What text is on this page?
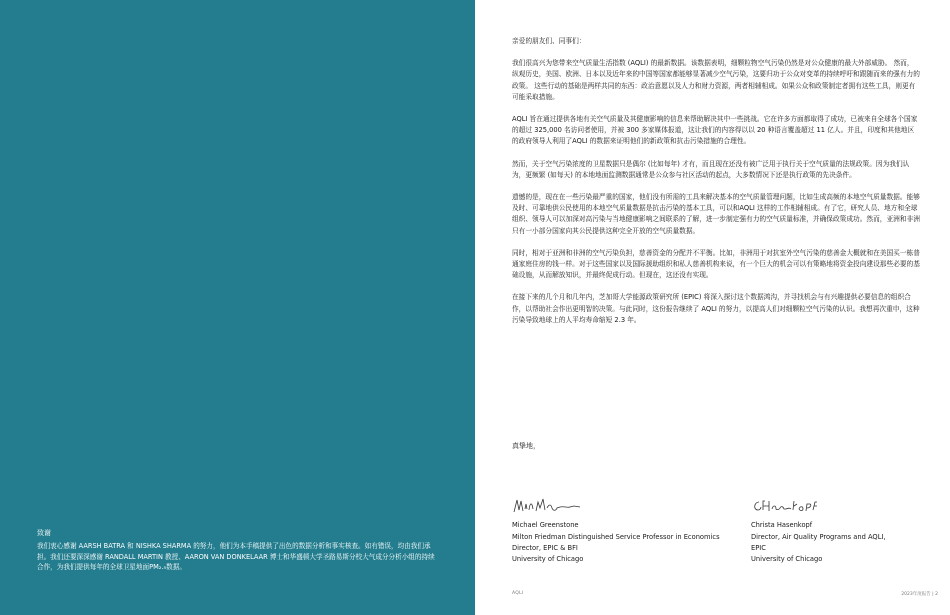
致谢

我们衷心感谢 AARSH BATRA 和 NISHKA SHARMA 的努力，他们为本手稿提供了出色的数据分析和事实核查。如有错误，均由我们承担。我们还要深深感谢 RANDALL MARTIN 教授、AARON VAN DONKELAAR 博士和华盛顿大学圣路易斯分校大气成分分析小组的持续合作，为我们提供每年的全球卫星地面PM₂.₅数据。

亲爱的朋友们、同事们：

我们很高兴为您带来空气质量生活指数 (AQLI) 的最新数据。该数据表明，细颗粒物空气污染仍然是对公众健康的最大外部威胁。 然而，纵观历史，美国、欧洲、日本以及近年来的中国等国家都能够显著减少空气污染，这要归功于公众对变革的持续呼吁和跟随而来的强有力的政策。 这些行动的基础是两样共同的东西：政治意愿以及人力和财力资源，两者相辅相成。如果公众和政策制定者拥有这些工具，则更有可能采取措施。

AQLI 旨在通过提供各地有关空气质量及其健康影响的信息来帮助解决其中一些挑战。它在许多方面都取得了成功，已被来自全球各个国家的超过 325,000 名访问者使用，并被 300 多家媒体报道，这让我们的内容得以以 20 种语言覆盖超过 11 亿人。并且，印度和其他地区的政府领导人利用了AQLI 的数据来证明他们的新政策和抗击污染措施的合理性。

然而，关于空气污染浓度的卫星数据只是偶尔 (比如每年) 才有，而且现在还没有被广泛用于执行关于空气质量的法规政策。因为我们认为，更频繁 (如每天) 的本地地面监测数据通常是公众参与社区活动的起点，大多数情况下还是执行政策的先决条件。

遗憾的是，现在在一些污染最严重的国家，他们没有所需的工具来解决基本的空气质量管理问题，比如生成高频的本地空气质量数据。能够及时、可靠地供公民使用的本地空气质量数据是抗击污染的基本工具，可以和AQLI 这样的工作相辅相成。有了它，研究人员、地方和全球组织、领导人可以加深对高污染与当地健康影响之间联系的了解，进一步制定强有力的空气质量标准，并确保政策成功。然而，亚洲和非洲只有一小部分国家向其公民提供这种完全开放的空气质量数据。

同时，相对于亚洲和非洲的空气污染负担，慈善资金的分配并不平衡。比如，非洲用于对抗室外空气污染的慈善金大概就和在美国买一栋普通家庭住房的钱一样。对于这些国家以及国际援助组织和私人慈善机构来说，有一个巨大的机会可以有策略地将资金投向建设那些必要的基础设施，从而解放知识，并最终促成行动。但现在，这还没有实现。

在接下来的几个月和几年内，芝加哥大学能源政策研究所 (EPIC) 将深入探讨这个数据鸿沟，并寻找机会与有兴趣提供必要信息的组织合作，以帮助社会作出更明智的决策。与此同时，这份报告继续了 AQLI 的努力，以提高人们对细颗粒空气污染的认识。我想再次重申，这种污染导致地球上的人平均寿命缩短 2.3 年。

真挚地，
Michael Greenstone
Milton Friedman Distinguished Service Professor in Economics
Director, EPIC & BFI
University of Chicago
Christa Hasenkopf
Director, Air Quality Programs and AQLI,
EPIC
University of Chicago
AQLI	2023年度报告 | 2
